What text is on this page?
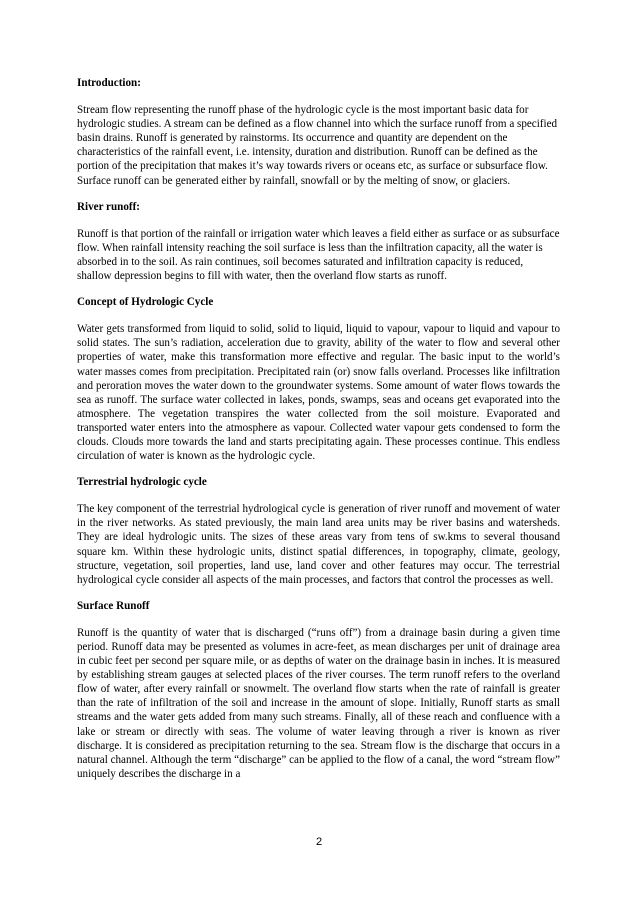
Introduction:

Stream flow representing the runoff phase of the hydrologic cycle is the most important basic data for hydrologic studies. A stream can be defined as a flow channel into which the surface runoff from a specified basin drains. Runoff is generated by rainstorms. Its occurrence and quantity are dependent on the characteristics of the rainfall event, i.e. intensity, duration and distribution. Runoff can be defined as the portion of the precipitation that makes it’s way towards rivers or oceans etc, as surface or subsurface flow. Surface runoff can be generated either by rainfall, snowfall or by the melting of snow, or glaciers.

River runoff:

Runoff is that portion of the rainfall or irrigation water which leaves a field either as surface or as subsurface flow. When rainfall intensity reaching the soil surface is less than the infiltration capacity, all the water is absorbed in to the soil. As rain continues, soil becomes saturated and infiltration capacity is reduced, shallow depression begins to fill with water, then the overland flow starts as runoff.

Concept of Hydrologic Cycle

Water gets transformed from liquid to solid, solid to liquid, liquid to vapour, vapour to liquid and vapour to solid states. The sun’s radiation, acceleration due to gravity, ability of the water to flow and several other properties of water, make this transformation more effective and regular. The basic input to the world’s water masses comes from precipitation. Precipitated rain (or) snow falls overland. Processes like infiltration and peroration moves the water down to the groundwater systems. Some amount of water flows towards the sea as runoff. The surface water collected in lakes, ponds, swamps, seas and oceans get evaporated into the atmosphere. The vegetation transpires the water collected from the soil moisture. Evaporated and transported water enters into the atmosphere as vapour. Collected water vapour gets condensed to form the clouds. Clouds more towards the land and starts precipitating again. These processes continue. This endless circulation of water is known as the hydrologic cycle.

Terrestrial hydrologic cycle

The key component of the terrestrial hydrological cycle is generation of river runoff and movement of water in the river networks. As stated previously, the main land area units may be river basins and watersheds. They are ideal hydrologic units. The sizes of these areas vary from tens of sw.kms to several thousand square km. Within these hydrologic units, distinct spatial differences, in topography, climate, geology, structure, vegetation, soil properties, land use, land cover and other features may occur. The terrestrial hydrological cycle consider all aspects of the main processes, and factors that control the processes as well.

Surface Runoff

Runoff is the quantity of water that is discharged (“runs off”) from a drainage basin during a given time period. Runoff data may be presented as volumes in acre-feet, as mean discharges per unit of drainage area in cubic feet per second per square mile, or as depths of water on the drainage basin in inches. It is measured by establishing stream gauges at selected places of the river courses. The term runoff refers to the overland flow of water, after every rainfall or snowmelt. The overland flow starts when the rate of rainfall is greater than the rate of infiltration of the soil and increase in the amount of slope. Initially, Runoff starts as small streams and the water gets added from many such streams. Finally, all of these reach and confluence with a lake or stream or directly with seas. The volume of water leaving through a river is known as river discharge. It is considered as precipitation returning to the sea. Stream flow is the discharge that occurs in a natural channel. Although the term “discharge” can be applied to the flow of a canal, the word “stream flow” uniquely describes the discharge in a

2
